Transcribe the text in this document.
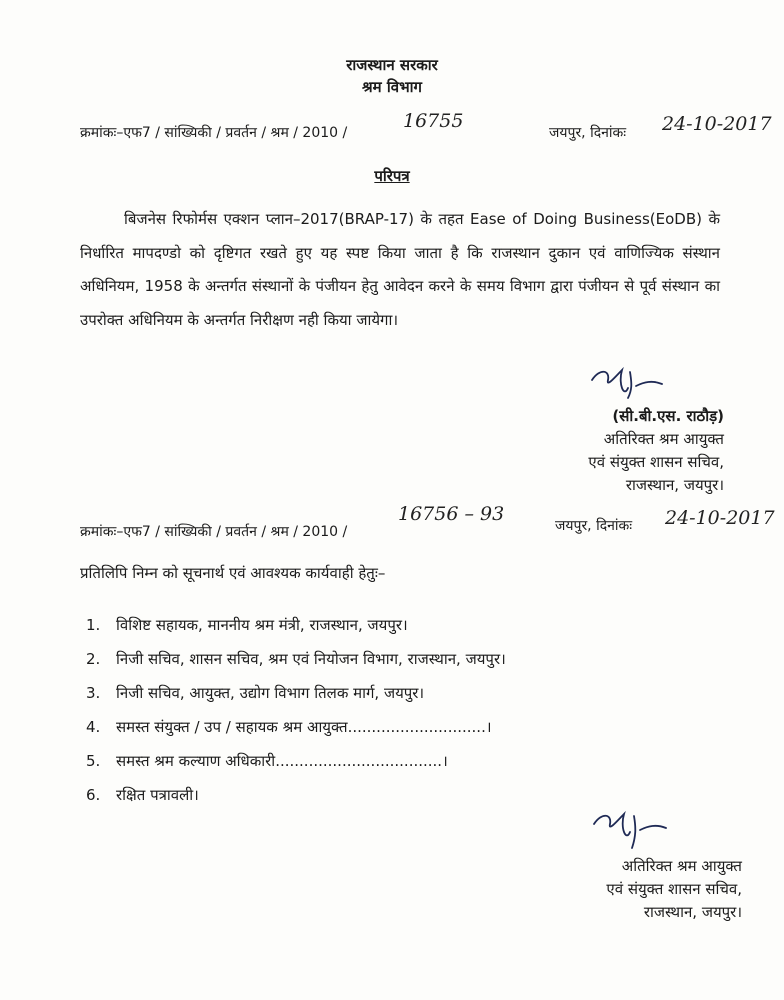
राजस्थान सरकार
श्रम विभाग
क्रमांकः–एफ7 / सांख्यिकी / प्रवर्तन / श्रम / 2010 /
16755
जयपुर, दिनांकः 24-10-2017
परिपत्र
बिजनेस रिफोर्मस एक्शन प्लान–2017(BRAP-17) के तहत Ease of Doing Business(EoDB) के निर्धारित मापदण्डो को दृष्टिगत रखते हुए यह स्पष्ट किया जाता है कि राजस्थान दुकान एवं वाणिज्यिक संस्थान अधिनियम, 1958 के अन्तर्गत संस्थानों के पंजीयन हेतु आवेदन करने के समय विभाग द्वारा पंजीयन से पूर्व संस्थान का उपरोक्त अधिनियम के अन्तर्गत निरीक्षण नही किया जायेगा।
(सी.बी.एस. राठौड़)
अतिरिक्त श्रम आयुक्त
एवं संयुक्त शासन सचिव,
राजस्थान, जयपुर।
क्रमांकः–एफ7 / सांख्यिकी / प्रवर्तन / श्रम / 2010 /
16756 – 93
जयपुर, दिनांकः 24-10-2017
प्रतिलिपि निम्न को सूचनार्थ एवं आवश्यक कार्यवाही हेतुः–
1. विशिष्ट सहायक, माननीय श्रम मंत्री, राजस्थान, जयपुर।
2. निजी सचिव, शासन सचिव, श्रम एवं नियोजन विभाग, राजस्थान, जयपुर।
3. निजी सचिव, आयुक्त, उद्योग विभाग तिलक मार्ग, जयपुर।
4. समस्त संयुक्त / उप / सहायक श्रम आयुक्त.............................।
5. समस्त श्रम कल्याण अधिकारी...................................।
6. रक्षित पत्रावली।
अतिरिक्त श्रम आयुक्त
एवं संयुक्त शासन सचिव,
राजस्थान, जयपुर।
